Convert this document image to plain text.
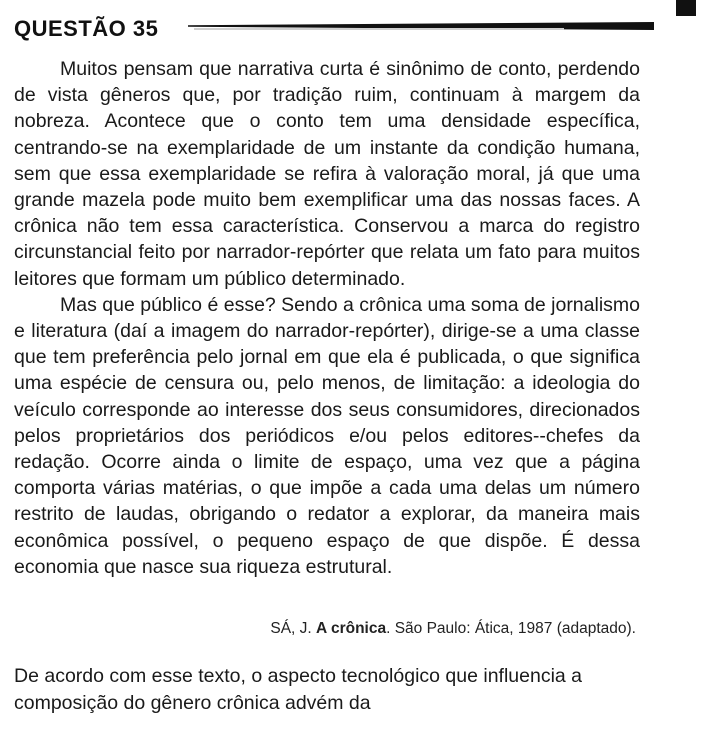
QUESTÃO 35

Muitos pensam que narrativa curta é sinônimo de conto, perdendo de vista gêneros que, por tradição ruim, continuam à margem da nobreza. Acontece que o conto tem uma densidade específica, centrando-se na exemplaridade de um instante da condição humana, sem que essa exemplaridade se refira à valoração moral, já que uma grande mazela pode muito bem exemplificar uma das nossas faces. A crônica não tem essa característica. Conservou a marca do registro circunstancial feito por narrador-repórter que relata um fato para muitos leitores que formam um público determinado.

Mas que público é esse? Sendo a crônica uma soma de jornalismo e literatura (daí a imagem do narrador-repórter), dirige-se a uma classe que tem preferência pelo jornal em que ela é publicada, o que significa uma espécie de censura ou, pelo menos, de limitação: a ideologia do veículo corresponde ao interesse dos seus consumidores, direcionados pelos proprietários dos periódicos e/ou pelos editores--chefes da redação. Ocorre ainda o limite de espaço, uma vez que a página comporta várias matérias, o que impõe a cada uma delas um número restrito de laudas, obrigando o redator a explorar, da maneira mais econômica possível, o pequeno espaço de que dispõe. É dessa economia que nasce sua riqueza estrutural.

SÁ, J. A crônica. São Paulo: Ática, 1987 (adaptado).
De acordo com esse texto, o aspecto tecnológico que influencia a composição do gênero crônica advém da
